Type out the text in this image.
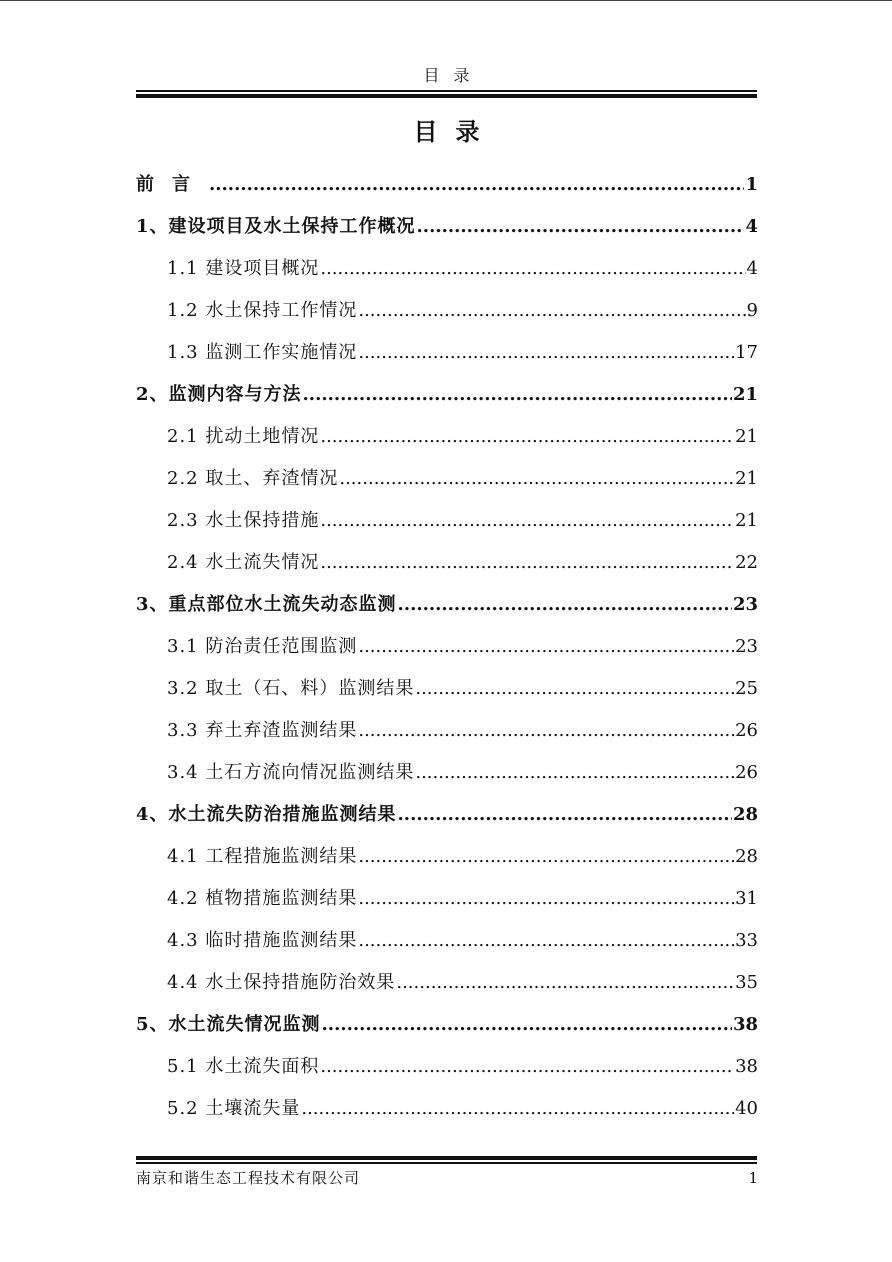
目录
目录
前言 .....	1
1、建设项目及水土保持工作概况 .....	4
1.1 建设项目概况 .....	4
1.2 水土保持工作情况 .....	9
1.3 监测工作实施情况 .....	17
2、监测内容与方法 .....	21
2.1 扰动土地情况 .....	21
2.2 取土、弃渣情况 .....	21
2.3 水土保持措施 .....	21
2.4 水土流失情况 .....	22
3、重点部位水土流失动态监测 .....	23
3.1 防治责任范围监测 .....	23
3.2 取土（石、料）监测结果 .....	25
3.3 弃土弃渣监测结果 .....	26
3.4 土石方流向情况监测结果 .....	26
4、水土流失防治措施监测结果 .....	28
4.1 工程措施监测结果 .....	28
4.2 植物措施监测结果 .....	31
4.3 临时措施监测结果 .....	33
4.4 水土保持措施防治效果 .....	35
5、水土流失情况监测 .....	38
5.1 水土流失面积 .....	38
5.2 土壤流失量 .....	40
南京和谐生态工程技术有限公司	1
